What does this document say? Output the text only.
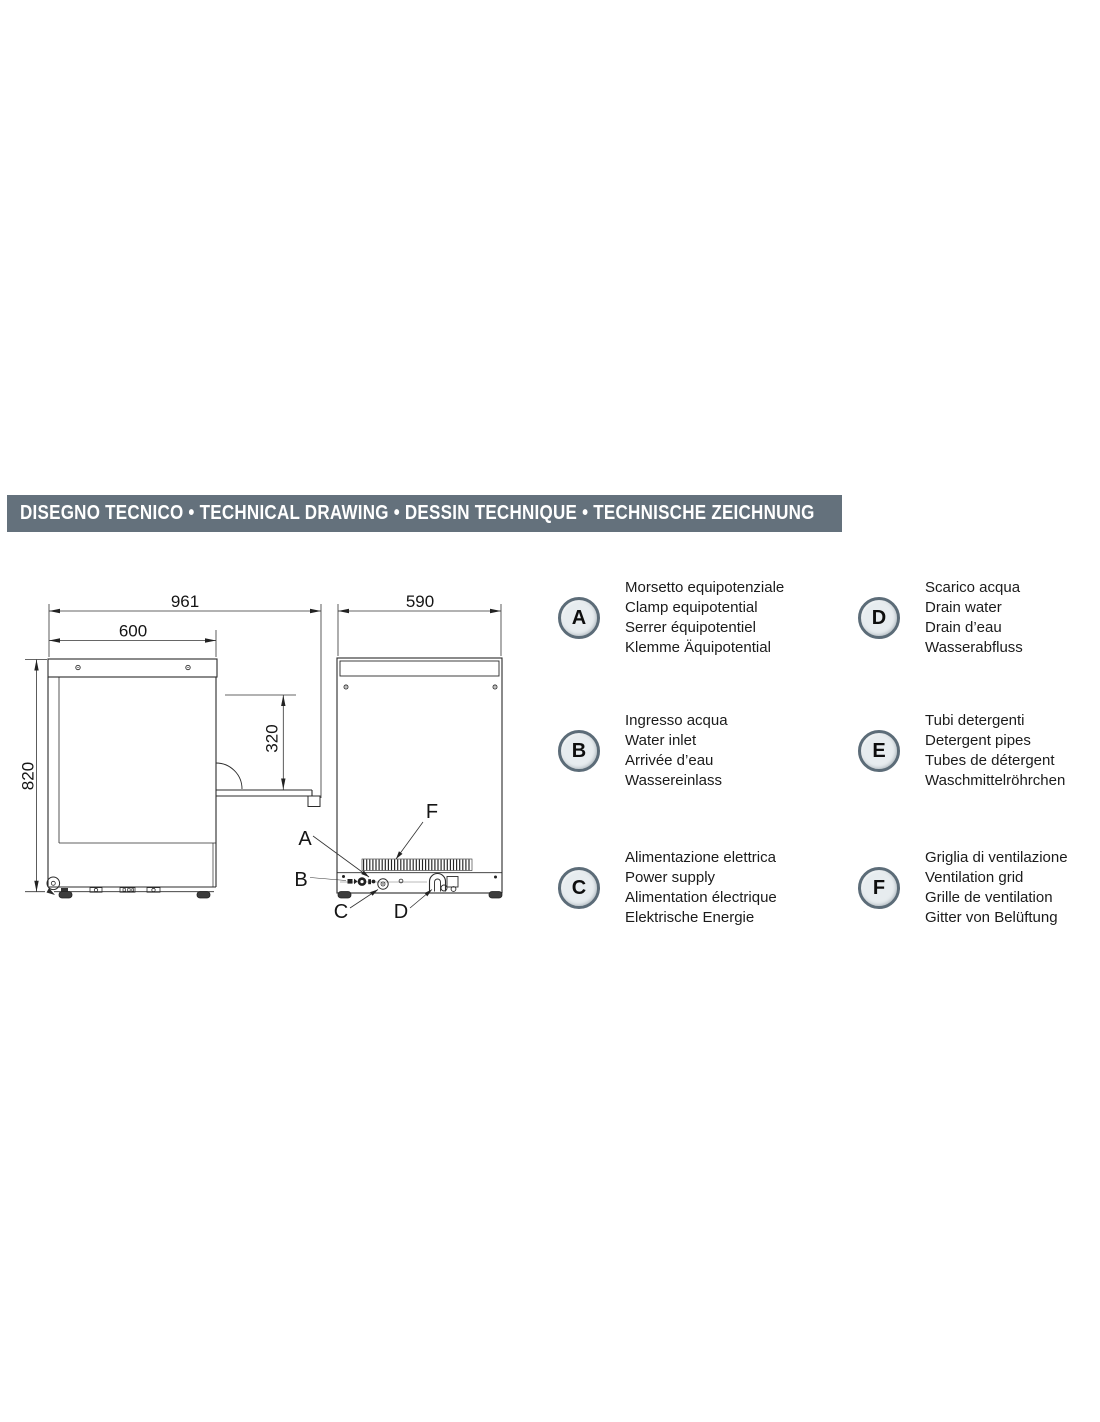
DISEGNO TECNICO • TECHNICAL DRAWING • DESSIN TECHNIQUE • TECHNISCHE ZEICHNUNG
961
600
820
320
590
F
A
B
C D
A
Morsetto equipotenziale
Clamp equipotential
Serrer équipotentiel
Klemme Äquipotential
B
Ingresso acqua
Water inlet
Arrivée d’eau
Wassereinlass
C
Alimentazione elettrica
Power supply
Alimentation électrique
Elektrische Energie
D
Scarico acqua
Drain water
Drain d’eau
Wasserabfluss
E
Tubi detergenti
Detergent pipes
Tubes de détergent
Waschmittelröhrchen
F
Griglia di ventilazione
Ventilation grid
Grille de ventilation
Gitter von Belüftung
